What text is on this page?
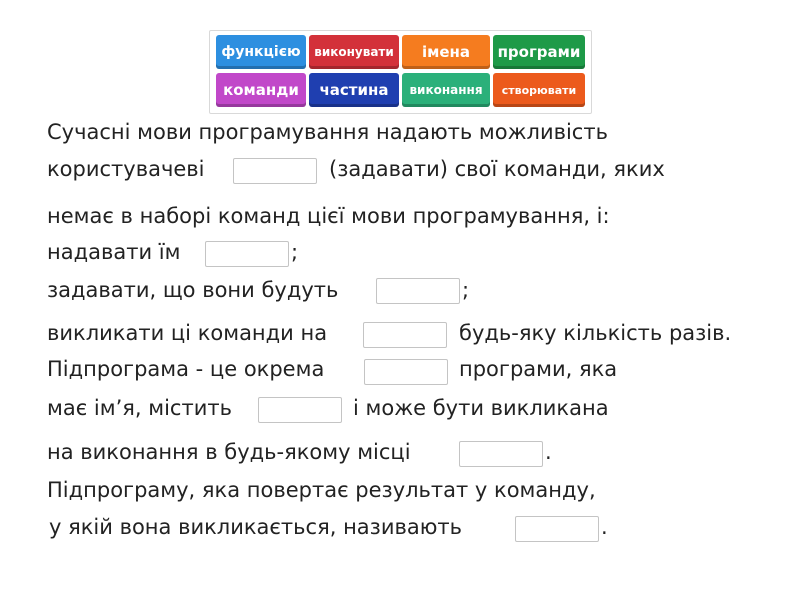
функцією	виконувати	імена	програми
команди	частина	виконання	створювати
Сучасні мови програмування надають можливість
користувачеві	(задавати) свої команди, яких
немає в наборі команд цієї мови програмування, і:
надавати їм	;
задавати, що вони будуть	;
викликати ці команди на	будь-яку кількість разів.
Підпрограма - це окрема	програми, яка
має ім’я, містить	і може бути викликана
на виконання в будь-якому місці	.
Підпрограму, яка повертає результат у команду,
у якій вона викликається, називають	.
